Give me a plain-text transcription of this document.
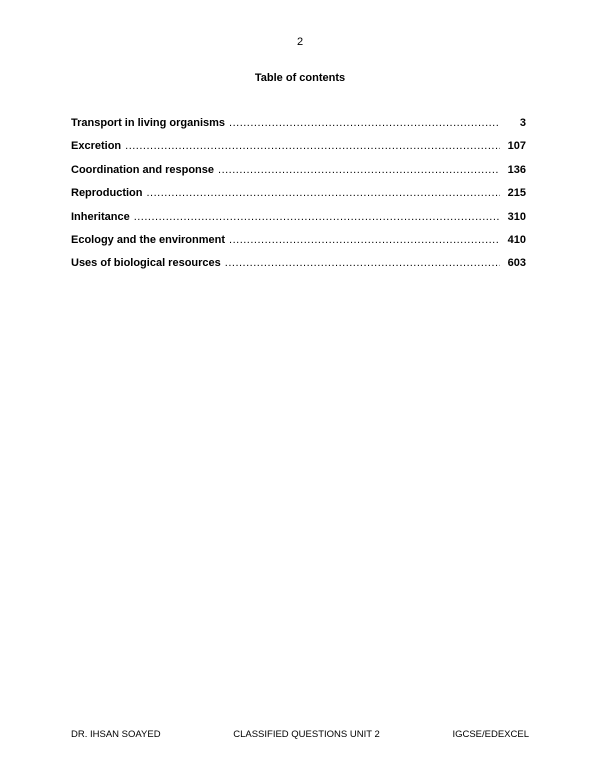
2
Table of contents
Transport in living organisms .....	3
Excretion .....	107
Coordination and response .....	136
Reproduction .....	215
Inheritance .....	310
Ecology and the environment .....	410
Uses of biological resources .....	603
DR. IHSAN SOAYED	CLASSIFIED QUESTIONS UNIT 2	IGCSE/EDEXCEL
